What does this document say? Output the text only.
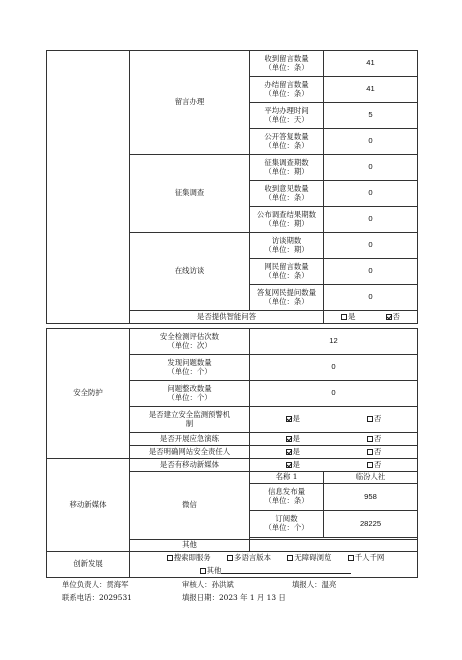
	留言办理	收到留言数量
（单位：条）	41
		办结留言数量
（单位：条）	41
		平均办理时间
（单位：天）	5
		公开答复数量
（单位：条）	0
	征集调查	征集调查期数
（单位：期）	0
		收到意见数量
（单位：条）	0
		公布调查结果期数
（单位：期）	0
	在线访谈	访谈期数
（单位：期）	0
		网民留言数量
（单位：条）	0
		答复网民提问数量
（单位：条）	0
	是否提供智能问答		是 否
安全防护	安全检测评估次数
（单位：次）	12	
	发现问题数量
（单位：个）	0	
	问题整改数量
（单位：个）	0	
	是否建立安全监测预警机
制	是 否	

	是否开展应急演练	是 否	

	是否明确网站安全责任人	是 否	

移动新媒体	是否有移动新媒体	是 否	

	微信	名称 1	临汾人社
		信息发布量
（单位：条）	958
		订阅数
（单位：个）	28225

	其他		
创新发展	搜索即服务 多语言版本 无障碍浏览 千人千网
其他		
单位负责人：贯海军	审核人：孙洪斌	填报人：温亮
联系电话：2029531	填报日期：2023 年 1 月 13 日
